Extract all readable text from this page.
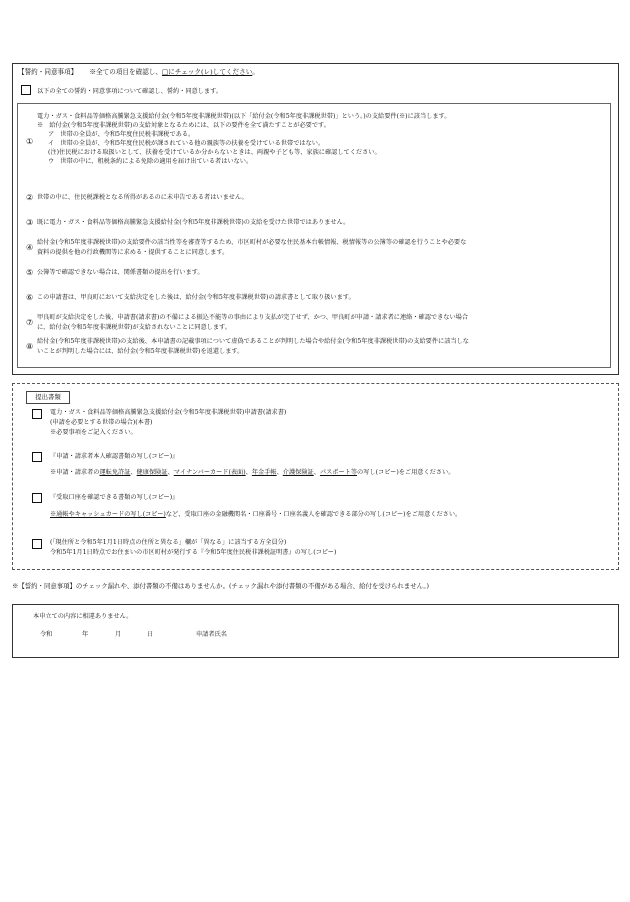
【誓約・同意事項】 ※全ての項目を確認し、□にチェック(レ)してください。
以下の全ての誓約・同意事項について確認し、誓約・同意します。
①
電力・ガス・食料品等価格高騰緊急支援給付金(令和5年度非課税世帯)(以下「給付金(令和5年度非課税世帯)」という。)の支給要件(※)に該当します。
※　給付金(令和5年度非課税世帯)の支給対象となるためには、以下の要件を全て満たすことが必要です。
ア　世帯の全員が、令和5年度住民税非課税である。
イ　世帯の全員が、令和5年度住民税が課されている他の親族等の扶養を受けている世帯ではない。
(注)住民税における取扱いとして、扶養を受けているか分からないときは、両親や子ども等、家族に確認してください。
ウ　世帯の中に、租税条約による免除の適用を届け出ている者はいない。
② 世帯の中に、住民税課税となる所得があるのに未申告である者はいません。
③ 既に電力・ガス・食料品等価格高騰緊急支援給付金(令和5年度非課税世帯)の支給を受けた世帯ではありません。
④
給付金(令和5年度非課税世帯)の支給要件の該当性等を審査等するため、市区町村が必要な住民基本台帳情報、税情報等の公簿等の確認を行うことや必要な
資料の提供を他の行政機関等に求める・提供することに同意します。
⑤ 公簿等で確認できない場合は、関係書類の提出を行います。
⑥ この申請書は、甲良町において支給決定をした後は、給付金(令和5年度非課税世帯)の請求書として取り扱います。
⑦
甲良町が支給決定をした後、申請書(請求書)の不備による振込不能等の事由により支払が完了せず、かつ、甲良町が申請・請求者に連絡・確認できない場合
に、給付金(令和5年度非課税世帯)が支給されないことに同意します。
⑧
給付金(令和5年度非課税世帯)の支給後、本申請書の記載事項について虚偽であることが判明した場合や給付金(令和5年度非課税世帯)の支給要件に該当しな
いことが判明した場合には、給付金(令和5年度非課税世帯)を返還します。
提出書類
電力・ガス・食料品等価格高騰緊急支援給付金(令和5年度非課税世帯)申請書(請求書)
(申請を必要とする世帯の場合)(本書)
※必要事項をご記入ください。
『申請・請求者本人確認書類の写し(コピー)』
※申請・請求者の運転免許証、健康保険証、マイナンバーカード(表面)、年金手帳、介護保険証、パスポート等の写し(コピー)をご用意ください。
『受取口座を確認できる書類の写し(コピー)』
※通帳やキャッシュカードの写し(コピー)など、受取口座の金融機関名・口座番号・口座名義人を確認できる部分の写し(コピー)をご用意ください。
(「現住所と令和5年1月1日時点の住所と異なる」欄が「異なる」に該当する方全員分)
令和5年1月1日時点でお住まいの市区町村が発行する『令和5年度住民税非課税証明書』の写し(コピー)
※【誓約・同意事項】のチェック漏れや、添付書類の不備はありませんか。(チェック漏れや添付書類の不備がある場合、給付を受けられません。)
本申立ての内容に相違ありません。
令和	年	月	日	申請者氏名
